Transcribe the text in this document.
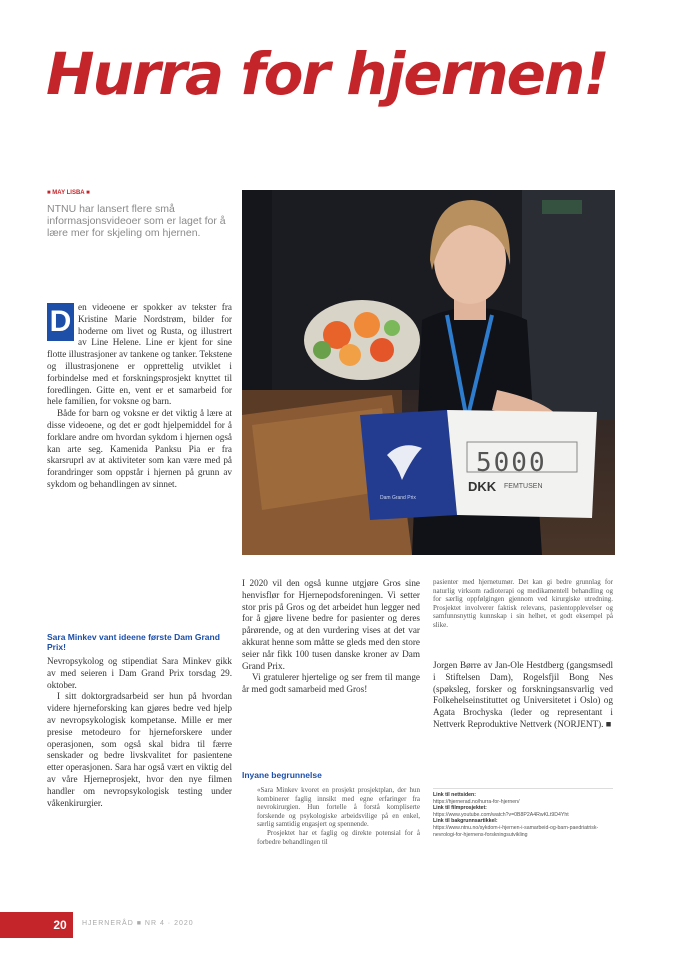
Hurra for hjernen!
■ MAY LISBA ■
NTNU har lansert flere små informasjonsvideoer som er laget for å lære mer for skjeling om hjernen.
D en videoene er spokker av tekster fra Kristine Marie Nordstrøm, bilder for hoderne om livet og Rusta, og illustrert av Line Helene. Line er kjent for sine flotte illustrasjoner av tankene og tanker. Tekstene og illustrasjonene er opprettelig utviklet i forbindelse med et forskningsprosjekt knyttet til foredlingen. Gitte en, vent er et samarbeid for hele familien, for voksne og barn.

Både for barn og voksne er det viktig å lære at disse videoene, og det er godt hjelpemiddel for å forklare andre om hvordan sykdom i hjernen også kan arte seg. Kamenida Panksu Pia er fra skarsruprl av at aktiviteter som kan være med på forandringer som oppstår i hjernen på grunn av sykdom og behandlingen av sinnet.

Sara Minkev vant ideene første Dam Grand Prix!

Nevropsykolog og stipendiat Sara Minkev gikk av med seieren i Dam Grand Prix torsdag 29. oktober.

I sitt doktorgradsarbeid ser hun på hvordan videre hjerneforsking kan gjøres bedre ved hjelp av nevropsykologisk kompetanse. Mille er mer presise metodeuro for hjerneforskere under operasjonen, som også skal bidra til færre senskader og bedre livskvalitet for pasientene etter operasjonen. Sara har også vært en viktig del av våre Hjerneprosjekt, hvor den nye filmen handler om nevropsykologisk testing under våkenkirurgier.

5000
DKK FEMTUSEN
Dam Grand Prix

I 2020 vil den også kunne utgjøre Gros sine henvisflør for Hjernepodsforeningen. Vi setter stor pris på Gros og det arbeidet hun legger ned for å gjøre livene bedre for pasienter og deres pårørende, og at den vurdering vises at det var akkurat henne som måtte se gleds med den store seier når fikk 100 tusen danske kroner av Dam Grand Prix.

Vi gratulerer hjertelige og ser frem til mange år med godt samarbeid med Gros!

Inyane begrunnelse

«Sara Minkev kvoret en prosjekt prosjektplan, der hun kombinerer faglig innsikt med egne erfaringer fra nevrokirurgien. Hun fortelle å forstå kompliserte forskende og psykologiske arbeidsvilige på en enkel, særlig samtidig engasjert og spennende.

Prosjektet har et faglig og direkte potensial for å forbedre behandlingen til

pasienter med hjernetumør. Det kan gi bedre grunnlag for naturlig virksom radioterapi og medikamentell behandling og for særlig oppfølgingen gjennom ved kirurgiske utredning. Prosjektet involverer faktisk relevans, pasientopplevelser og samfunnsnyttig kunnskap i sin helhet, et godt eksempel på slike.

Jorgen Børre av Jan-Ole Hestdberg (gangsmsedl i Stiftelsen Dam), Rogelsfjil Bong Nes (spøksleg, forsker og forskningsansvarlig ved Folkehelseinstituttet og Universitetet i Oslo) og Agata Brochyska (leder og representant i Nettverk Reproduktive Nettverk (NORJENT). ■

Link til nettsiden:
https://hjernerad.no/hurra-for-hjernen/
Link til filmprosjektet:
https://www.youtube.com/watch?v=0B8P2A4RwKLt9D4Yht
Link til bakgrunnsartikkel:
https://www.ntnu.no/sykdom-i-hjernen-i-samarbeid-og-barn-paedriatrisk-nevrologi-for-hjernens-forskningsutvikling
20	HJERNERÅD ■ NR 4 · 2020
